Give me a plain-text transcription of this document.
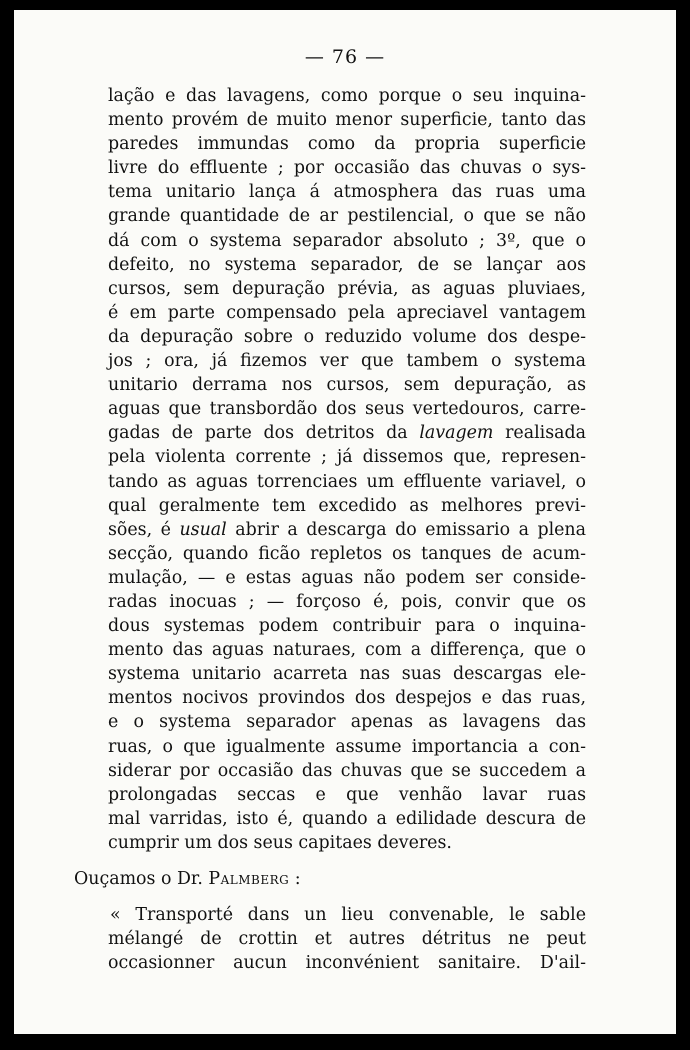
— 76 —
lação e das lavagens, como porque o seu inquina-
mento provém de muito menor superficie, tanto das
paredes immundas como da propria superficie
livre do effluente ; por occasião das chuvas o sys-
tema unitario lança á atmosphera das ruas uma
grande quantidade de ar pestilencial, o que se não
dá com o systema separador absoluto ; 3º, que o
defeito, no systema separador, de se lançar aos
cursos, sem depuração prévia, as aguas pluviaes,
é em parte compensado pela apreciavel vantagem
da depuração sobre o reduzido volume dos despe-
jos ; ora, já fizemos ver que tambem o systema
unitario derrama nos cursos, sem depuração, as
aguas que transbordão dos seus vertedouros, carre-
gadas de parte dos detritos da lavagem realisada
pela violenta corrente ; já dissemos que, represen-
tando as aguas torrenciaes um effluente variavel, o
qual geralmente tem excedido as melhores previ-
sões, é usual abrir a descarga do emissario a plena
secção, quando ficão repletos os tanques de acum-
mulação, — e estas aguas não podem ser conside-
radas inocuas ; — forçoso é, pois, convir que os
dous systemas podem contribuir para o inquina-
mento das aguas naturaes, com a differença, que o
systema unitario acarreta nas suas descargas ele-
mentos nocivos provindos dos despejos e das ruas,
e o systema separador apenas as lavagens das
ruas, o que igualmente assume importancia a con-
siderar por occasião das chuvas que se succedem a
prolongadas seccas e que venhão lavar ruas
mal varridas, isto é, quando a edilidade descura de
cumprir um dos seus capitaes deveres.
Ouçamos o Dr. Palmberg :
« Transporté dans un lieu convenable, le sable
mélangé de crottin et autres détritus ne peut
occasionner aucun inconvénient sanitaire. D'ail-
